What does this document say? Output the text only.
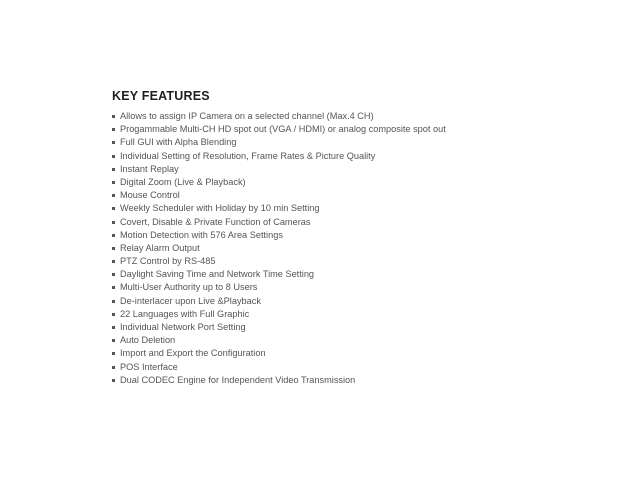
KEY FEATURES
Allows to assign IP Camera on a selected channel (Max.4 CH)
Progammable Multi-CH HD spot out (VGA / HDMI) or analog composite spot out
Full GUI with Alpha Blending
Individual Setting of Resolution, Frame Rates & Picture Quality
Instant Replay
Digital Zoom (Live & Playback)
Mouse Control
Weekly Scheduler with Holiday by 10 min Setting
Covert, Disable & Private Function of Cameras
Motion Detection with 576 Area Settings
Relay Alarm Output
PTZ Control by RS-485
Daylight Saving Time and Network Time Setting
Multi-User Authority up to 8 Users
De-interlacer upon Live &Playback
22 Languages with Full Graphic
Individual Network Port Setting
Auto Deletion
Import and Export the Configuration
POS Interface
Dual CODEC Engine for Independent Video Transmission
